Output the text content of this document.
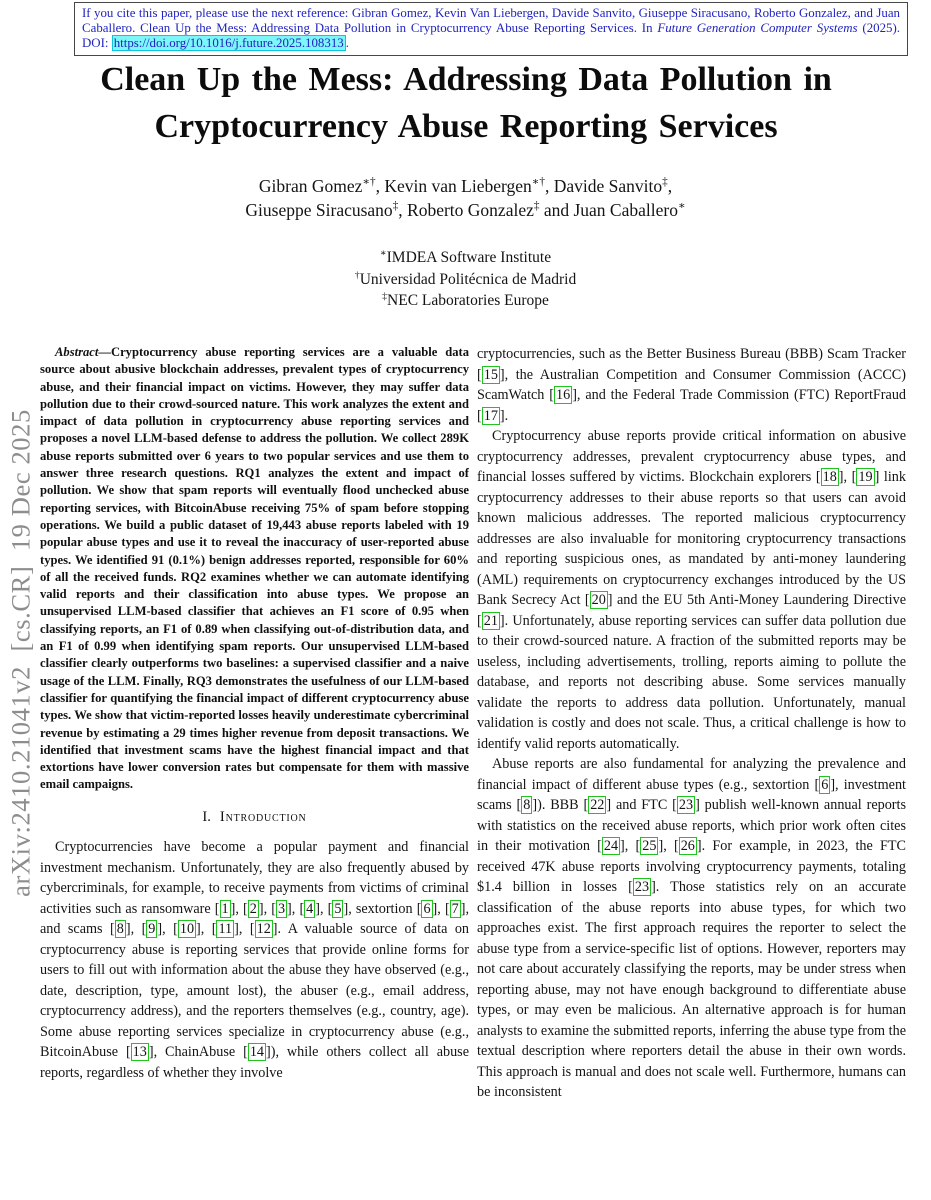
If you cite this paper, please use the next reference: Gibran Gomez, Kevin Van Liebergen, Davide Sanvito, Giuseppe Siracusano, Roberto Gonzalez, and Juan Caballero. Clean Up the Mess: Addressing Data Pollution in Cryptocurrency Abuse Reporting Services. In Future Generation Computer Systems (2025). DOI: https://doi.org/10.1016/j.future.2025.108313 .
Clean Up the Mess: Addressing Data Pollution in Cryptocurrency Abuse Reporting Services
Gibran Gomez∗†, Kevin van Liebergen∗†, Davide Sanvito‡,
Giuseppe Siracusano‡, Roberto Gonzalez‡ and Juan Caballero∗
∗IMDEA Software Institute
†Universidad Politécnica de Madrid
‡NEC Laboratories Europe
arXiv:2410.21041v2  [cs.CR]  19 Dec 2025

Abstract—Cryptocurrency abuse reporting services are a valuable data source about abusive blockchain addresses, prevalent types of cryptocurrency abuse, and their financial impact on victims. However, they may suffer data pollution due to their crowd-sourced nature. This work analyzes the extent and impact of data pollution in cryptocurrency abuse reporting services and proposes a novel LLM-based defense to address the pollution. We collect 289K abuse reports submitted over 6 years to two popular services and use them to answer three research questions. RQ1 analyzes the extent and impact of pollution. We show that spam reports will eventually flood unchecked abuse reporting services, with BitcoinAbuse receiving 75% of spam before stopping operations. We build a public dataset of 19,443 abuse reports labeled with 19 popular abuse types and use it to reveal the inaccuracy of user-reported abuse types. We identified 91 (0.1%) benign addresses reported, responsible for 60% of all the received funds. RQ2 examines whether we can automate identifying valid reports and their classification into abuse types. We propose an unsupervised LLM-based classifier that achieves an F1 score of 0.95 when classifying reports, an F1 of 0.89 when classifying out-of-distribution data, and an F1 of 0.99 when identifying spam reports. Our unsupervised LLM-based classifier clearly outperforms two baselines: a supervised classifier and a naive usage of the LLM. Finally, RQ3 demonstrates the usefulness of our LLM-based classifier for quantifying the financial impact of different cryptocurrency abuse types. We show that victim-reported losses heavily underestimate cybercriminal revenue by estimating a 29 times higher revenue from deposit transactions. We identified that investment scams have the highest financial impact and that extortions have lower conversion rates but compensate for them with massive email campaigns.

I. Introduction

Cryptocurrencies have become a popular payment and financial investment mechanism. Unfortunately, they are also frequently abused by cybercriminals, for example, to receive payments from victims of criminal activities such as ransomware [ 1 ], [ 2 ], [ 3 ], [ 4 ], [ 5 ], sextortion [ 6 ], [ 7 ], and scams [ 8 ], [ 9 ], [ 10 ], [ 11 ], [ 12 ]. A valuable source of data on cryptocurrency abuse is reporting services that provide online forms for users to fill out with information about the abuse they have observed (e.g., date, description, type, amount lost), the abuser (e.g., email address, cryptocurrency address), and the reporters themselves (e.g., country, age). Some abuse reporting services specialize in cryptocurrency abuse (e.g., BitcoinAbuse [ 13 ], ChainAbuse [ 14 ]), while others collect all abuse reports, regardless of whether they involve

cryptocurrencies, such as the Better Business Bureau (BBB) Scam Tracker [ 15 ], the Australian Competition and Consumer Commission (ACCC) ScamWatch [ 16 ], and the Federal Trade Commission (FTC) ReportFraud [ 17 ].

Cryptocurrency abuse reports provide critical information on abusive cryptocurrency addresses, prevalent cryptocurrency abuse types, and financial losses suffered by victims. Blockchain explorers [ 18 ], [ 19 ] link cryptocurrency addresses to their abuse reports so that users can avoid known malicious addresses. The reported malicious cryptocurrency addresses are also invaluable for monitoring cryptocurrency transactions and reporting suspicious ones, as mandated by anti-money laundering (AML) requirements on cryptocurrency exchanges introduced by the US Bank Secrecy Act [ 20 ] and the EU 5th Anti-Money Laundering Directive [ 21 ]. Unfortunately, abuse reporting services can suffer data pollution due to their crowd-sourced nature. A fraction of the submitted reports may be useless, including advertisements, trolling, reports aiming to pollute the database, and reports not describing abuse. Some services manually validate the reports to address data pollution. Unfortunately, manual validation is costly and does not scale. Thus, a critical challenge is how to identify valid reports automatically.

Abuse reports are also fundamental for analyzing the prevalence and financial impact of different abuse types (e.g., sextortion [ 6 ], investment scams [ 8 ]). BBB [ 22 ] and FTC [ 23 ] publish well-known annual reports with statistics on the received abuse reports, which prior work often cites in their motivation [ 24 ], [ 25 ], [ 26 ]. For example, in 2023, the FTC received 47K abuse reports involving cryptocurrency payments, totaling $1.4 billion in losses [ 23 ]. Those statistics rely on an accurate classification of the abuse reports into abuse types, for which two approaches exist. The first approach requires the reporter to select the abuse type from a service-specific list of options. However, reporters may not care about accurately classifying the reports, may be under stress when reporting abuse, may not have enough background to differentiate abuse types, or may even be malicious. An alternative approach is for human analysts to examine the submitted reports, inferring the abuse type from the textual description where reporters detail the abuse in their own words. This approach is manual and does not scale well. Furthermore, humans can be inconsistent
